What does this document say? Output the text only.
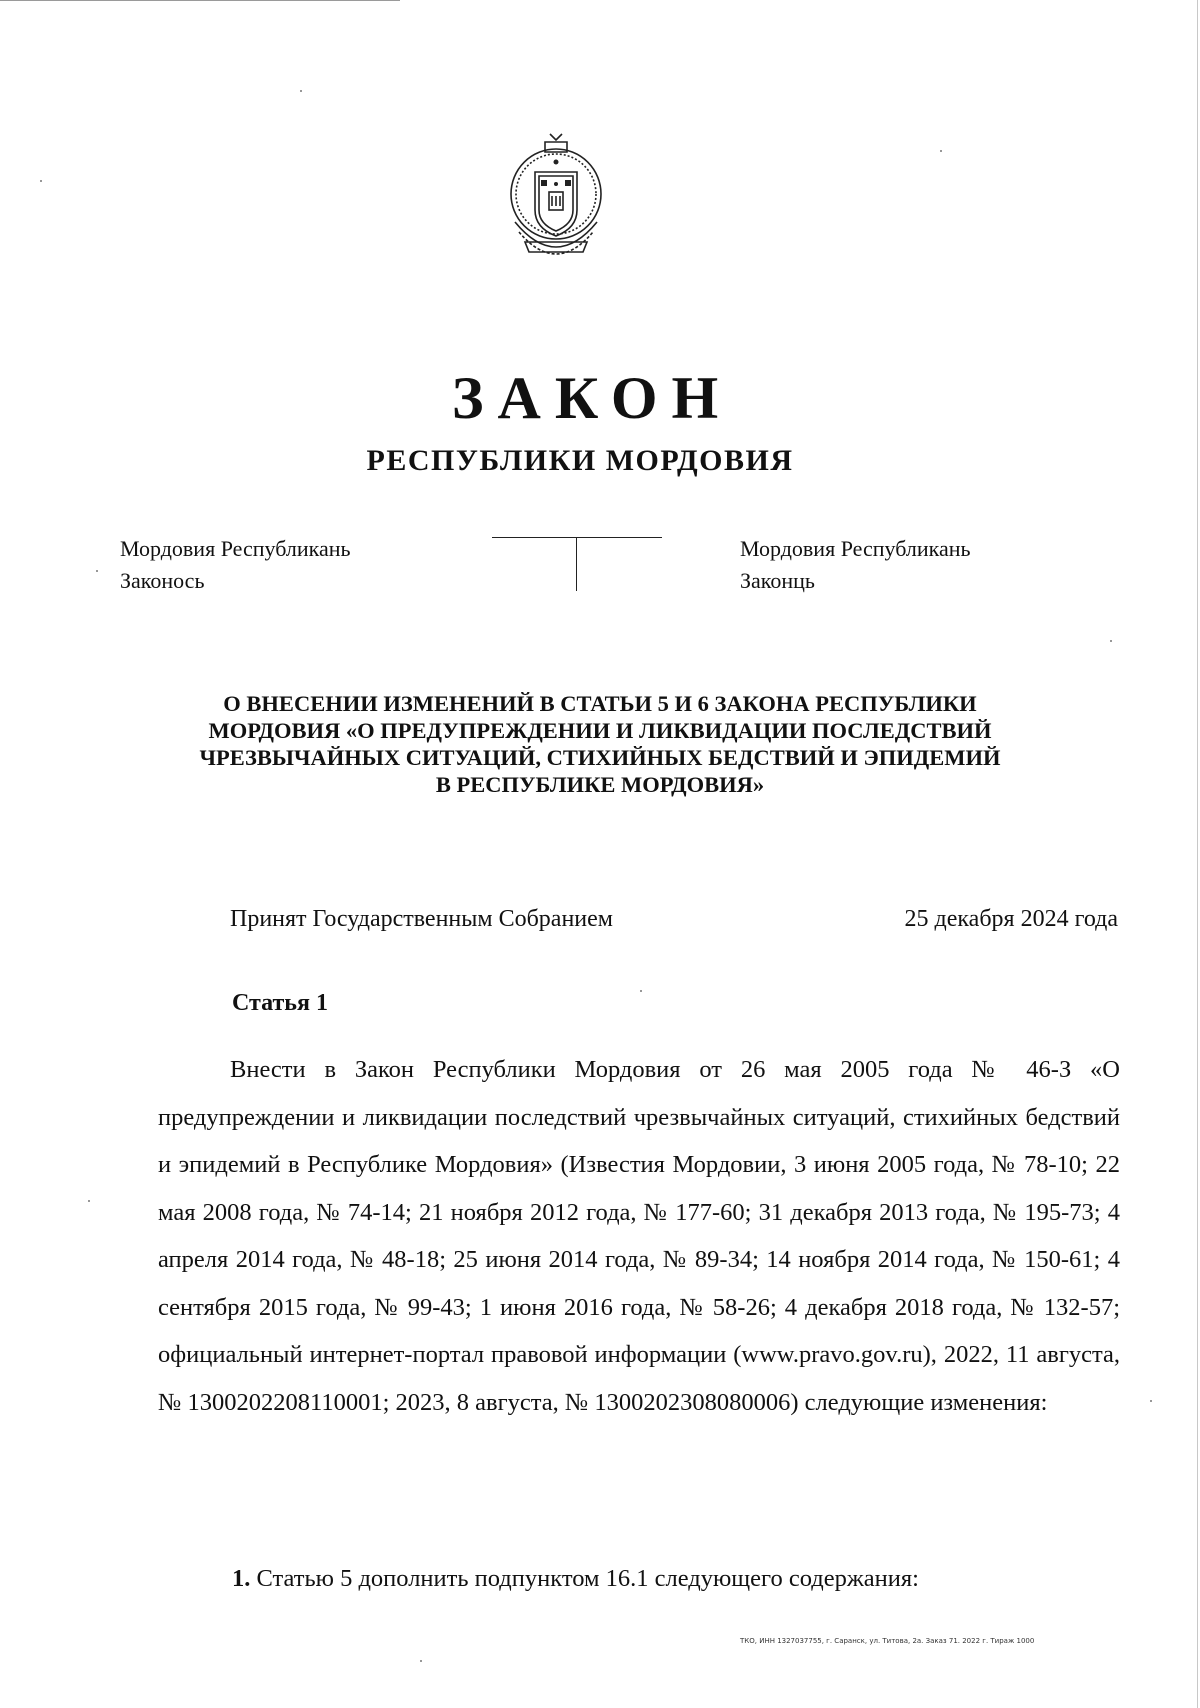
ЗАКОН
РЕСПУБЛИКИ МОРДОВИЯ
Мордовия Республикань
Законось
Мордовия Республикань
Законць
О ВНЕСЕНИИ ИЗМЕНЕНИЙ В СТАТЬИ 5 И 6 ЗАКОНА РЕСПУБЛИКИ
МОРДОВИЯ «О ПРЕДУПРЕЖДЕНИИ И ЛИКВИДАЦИИ ПОСЛЕДСТВИЙ
ЧРЕЗВЫЧАЙНЫХ СИТУАЦИЙ, СТИХИЙНЫХ БЕДСТВИЙ И ЭПИДЕМИЙ
В РЕСПУБЛИКЕ МОРДОВИЯ»
Принят Государственным Собранием	25 декабря 2024 года
Статья 1
Внести в Закон Республики Мордовия от 26 мая 2005 года № 46-З «О предупреждении и ликвидации последствий чрезвычайных ситуаций, стихийных бедствий и эпидемий в Республике Мордовия» (Известия Мордовии, 3 июня 2005 года, № 78-10; 22 мая 2008 года, № 74-14; 21 ноября 2012 года, № 177-60; 31 декабря 2013 года, № 195-73; 4 апреля 2014 года, № 48-18; 25 июня 2014 года, № 89-34; 14 ноября 2014 года, № 150-61; 4 сентября 2015 года, № 99-43; 1 июня 2016 года, № 58-26; 4 декабря 2018 года, № 132-57; официальный интернет-портал правовой информации (www.pravo.gov.ru), 2022, 11 августа, № 1300202208110001; 2023, 8 августа, № 1300202308080006) следующие изменения:
1. Статью 5 дополнить подпунктом 16.1 следующего содержания:
ТКО, ИНН 1327037755, г. Саранск, ул. Титова, 2а. Заказ 71. 2022 г. Тираж 1000
